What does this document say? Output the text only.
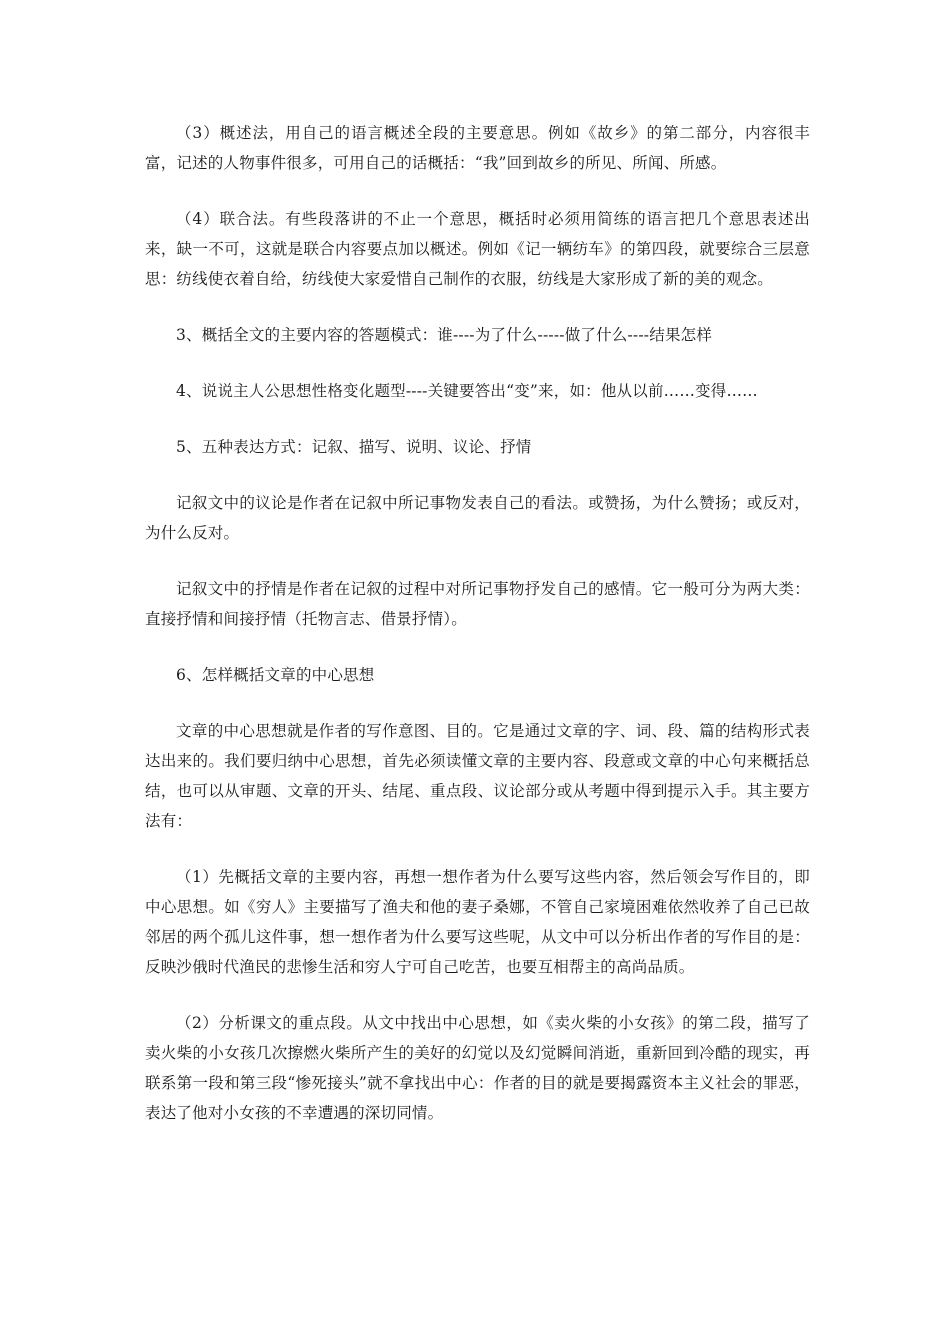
（3）概述法，用自己的语言概述全段的主要意思。例如《故乡》的第二部分，内容很丰富，记述的人物事件很多，可用自己的话概括：“我”回到故乡的所见、所闻、所感。

（4）联合法。有些段落讲的不止一个意思，概括时必须用简练的语言把几个意思表述出来，缺一不可，这就是联合内容要点加以概述。例如《记一辆纺车》的第四段，就要综合三层意思：纺线使衣着自给，纺线使大家爱惜自己制作的衣服，纺线是大家形成了新的美的观念。

3、概括全文的主要内容的答题模式：谁----为了什么-----做了什么----结果怎样

4、说说主人公思想性格变化题型----关键要答出“变”来，如：他从以前……变得……

5、五种表达方式：记叙、描写、说明、议论、抒情

记叙文中的议论是作者在记叙中所记事物发表自己的看法。或赞扬，为什么赞扬；或反对，为什么反对。

记叙文中的抒情是作者在记叙的过程中对所记事物抒发自己的感情。它一般可分为两大类：直接抒情和间接抒情（托物言志、借景抒情）。

6、怎样概括文章的中心思想

文章的中心思想就是作者的写作意图、目的。它是通过文章的字、词、段、篇的结构形式表达出来的。我们要归纳中心思想，首先必须读懂文章的主要内容、段意或文章的中心句来概括总结，也可以从审题、文章的开头、结尾、重点段、议论部分或从考题中得到提示入手。其主要方法有：

（1）先概括文章的主要内容，再想一想作者为什么要写这些内容，然后领会写作目的，即中心思想。如《穷人》主要描写了渔夫和他的妻子桑娜，不管自己家境困难依然收养了自己已故邻居的两个孤儿这件事，想一想作者为什么要写这些呢，从文中可以分析出作者的写作目的是：反映沙俄时代渔民的悲惨生活和穷人宁可自己吃苦，也要互相帮主的高尚品质。

（2）分析课文的重点段。从文中找出中心思想，如《卖火柴的小女孩》的第二段，描写了卖火柴的小女孩几次擦燃火柴所产生的美好的幻觉以及幻觉瞬间消逝，重新回到冷酷的现实，再联系第一段和第三段“惨死接头”就不拿找出中心：作者的目的就是要揭露资本主义社会的罪恶，表达了他对小女孩的不幸遭遇的深切同情。
